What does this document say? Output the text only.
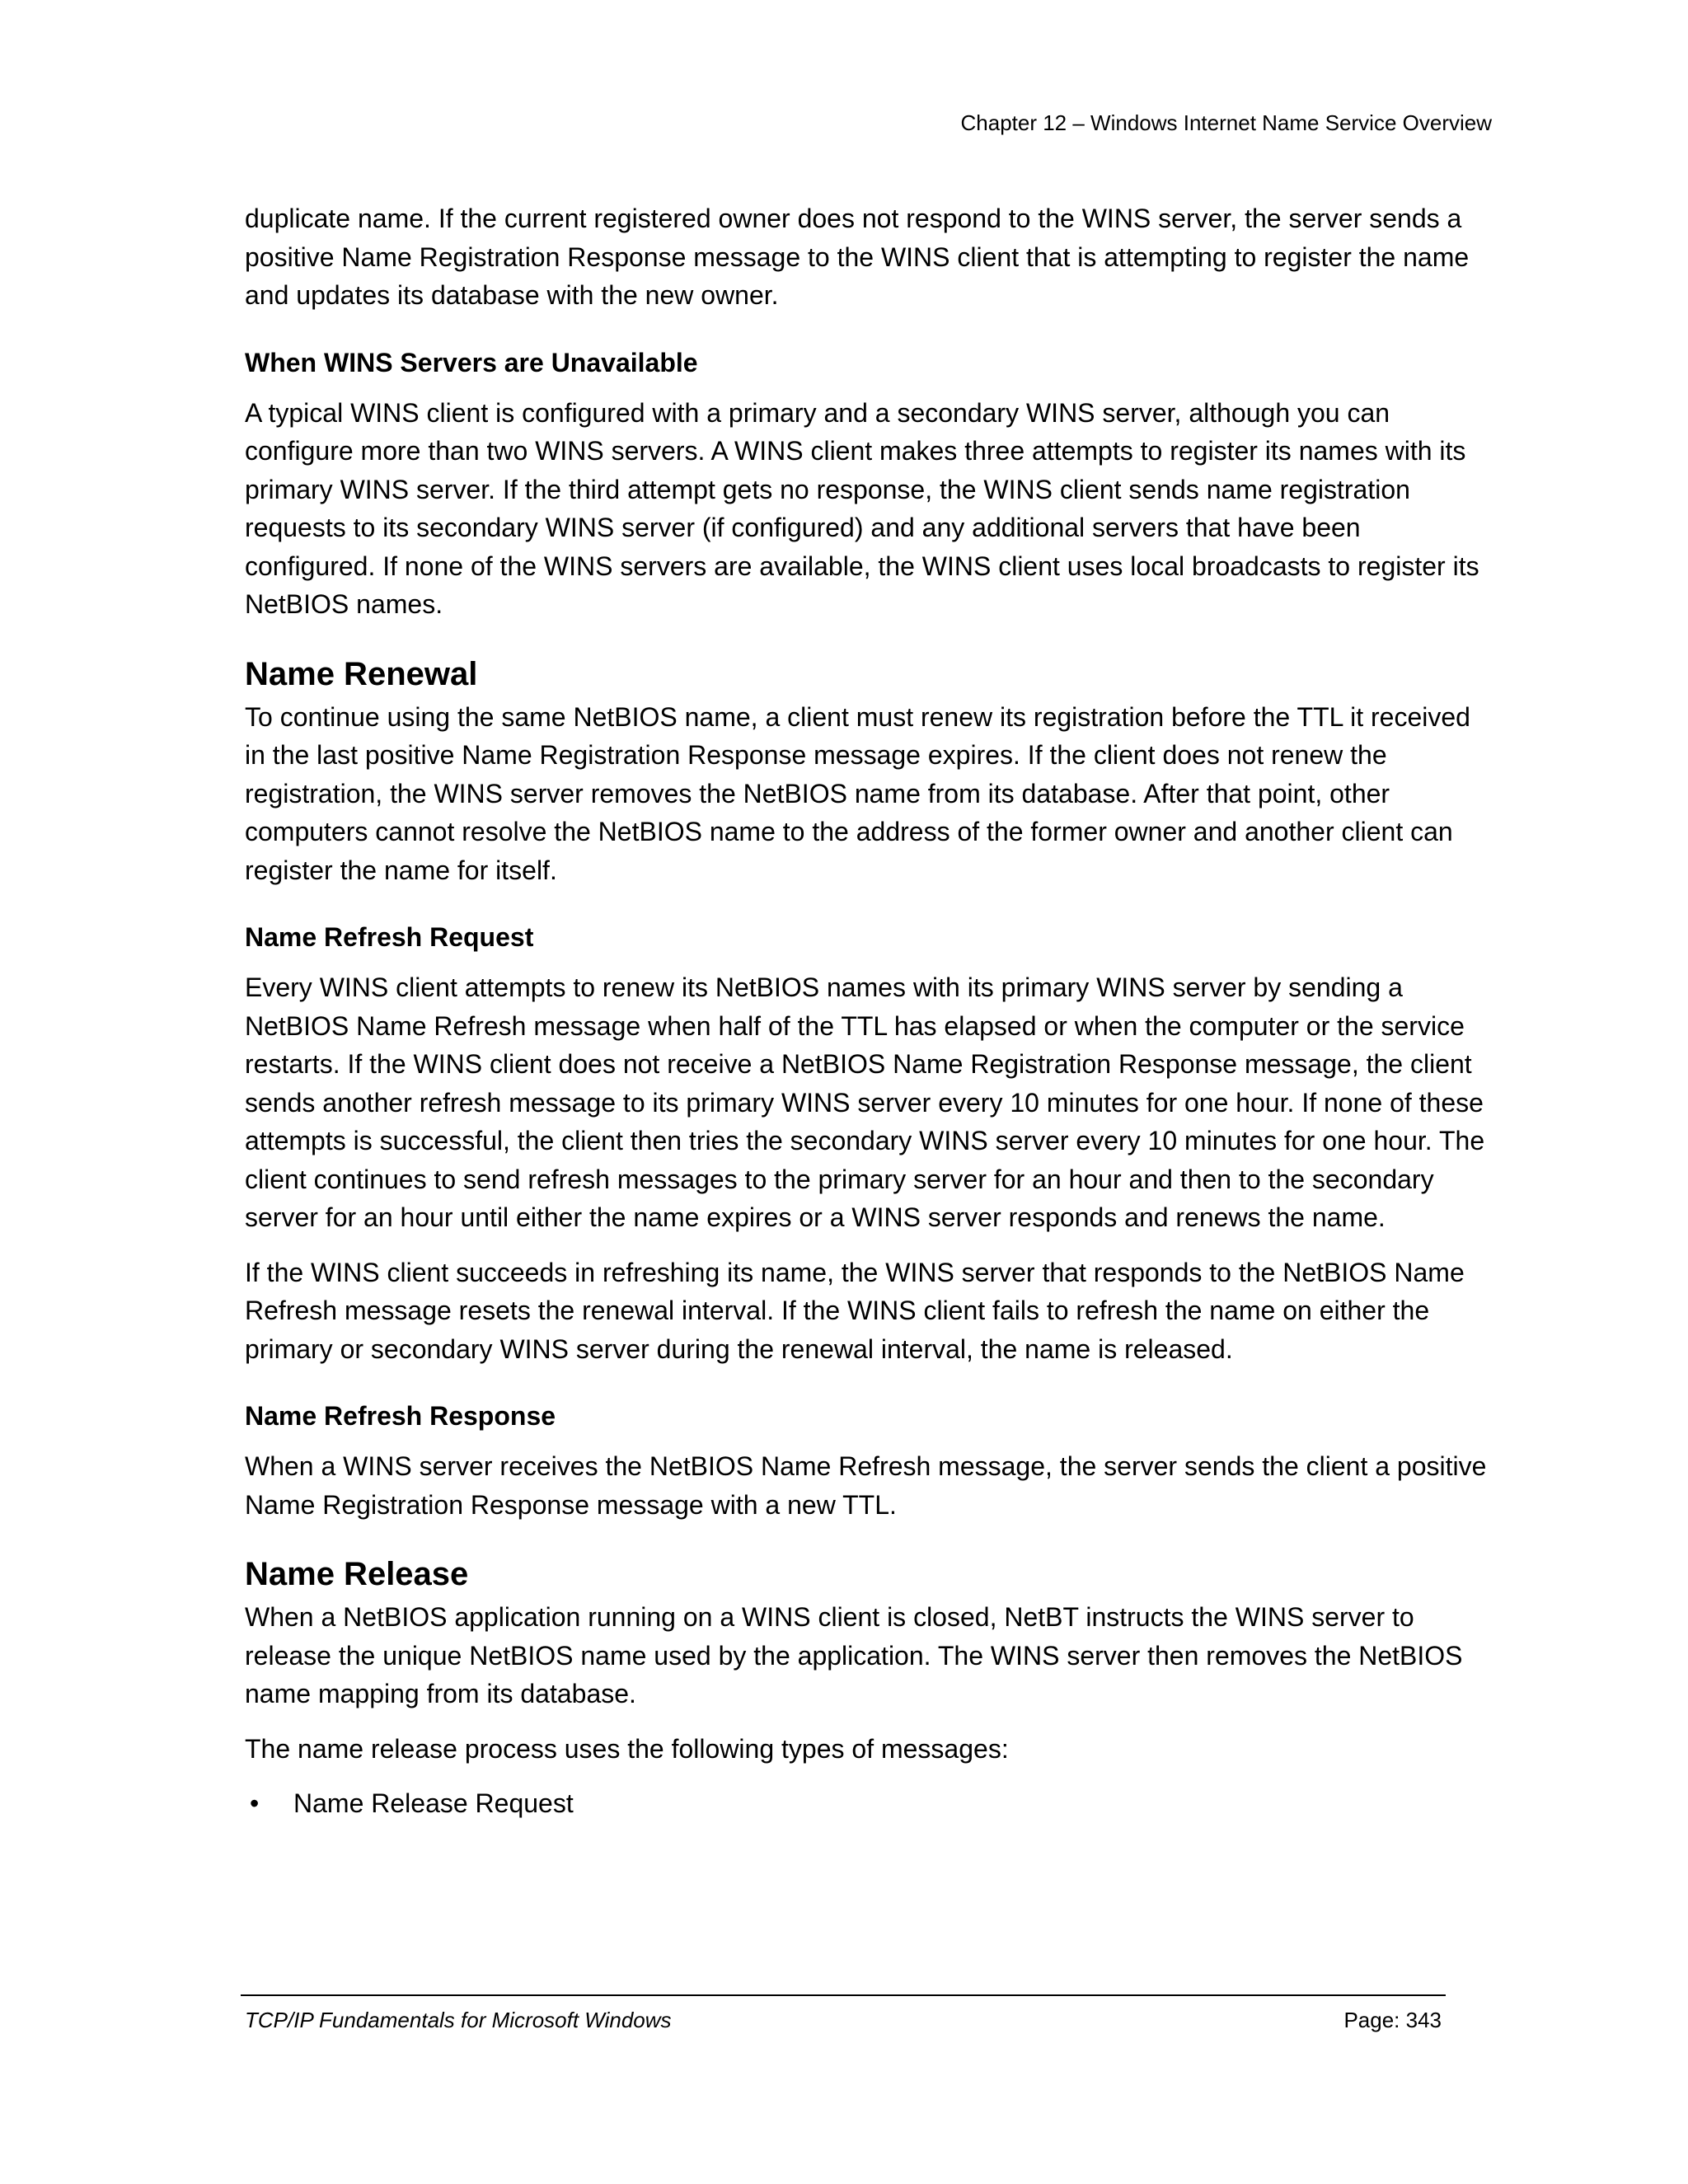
Chapter 12 – Windows Internet Name Service Overview

duplicate name. If the current registered owner does not respond to the WINS server, the server sends a positive Name Registration Response message to the WINS client that is attempting to register the name and updates its database with the new owner.

When WINS Servers are Unavailable

A typical WINS client is configured with a primary and a secondary WINS server, although you can configure more than two WINS servers. A WINS client makes three attempts to register its names with its primary WINS server. If the third attempt gets no response, the WINS client sends name registration requests to its secondary WINS server (if configured) and any additional servers that have been configured. If none of the WINS servers are available, the WINS client uses local broadcasts to register its NetBIOS names.

Name Renewal

To continue using the same NetBIOS name, a client must renew its registration before the TTL it received in the last positive Name Registration Response message expires. If the client does not renew the registration, the WINS server removes the NetBIOS name from its database. After that point, other computers cannot resolve the NetBIOS name to the address of the former owner and another client can register the name for itself.

Name Refresh Request

Every WINS client attempts to renew its NetBIOS names with its primary WINS server by sending a NetBIOS Name Refresh message when half of the TTL has elapsed or when the computer or the service restarts. If the WINS client does not receive a NetBIOS Name Registration Response message, the client sends another refresh message to its primary WINS server every 10 minutes for one hour. If none of these attempts is successful, the client then tries the secondary WINS server every 10 minutes for one hour. The client continues to send refresh messages to the primary server for an hour and then to the secondary server for an hour until either the name expires or a WINS server responds and renews the name.

If the WINS client succeeds in refreshing its name, the WINS server that responds to the NetBIOS Name Refresh message resets the renewal interval. If the WINS client fails to refresh the name on either the primary or secondary WINS server during the renewal interval, the name is released.

Name Refresh Response

When a WINS server receives the NetBIOS Name Refresh message, the server sends the client a positive Name Registration Response message with a new TTL.

Name Release

When a NetBIOS application running on a WINS client is closed, NetBT instructs the WINS server to release the unique NetBIOS name used by the application. The WINS server then removes the NetBIOS name mapping from its database.

The name release process uses the following types of messages:

• Name Release Request
TCP/IP Fundamentals for Microsoft Windows	Page: 343
